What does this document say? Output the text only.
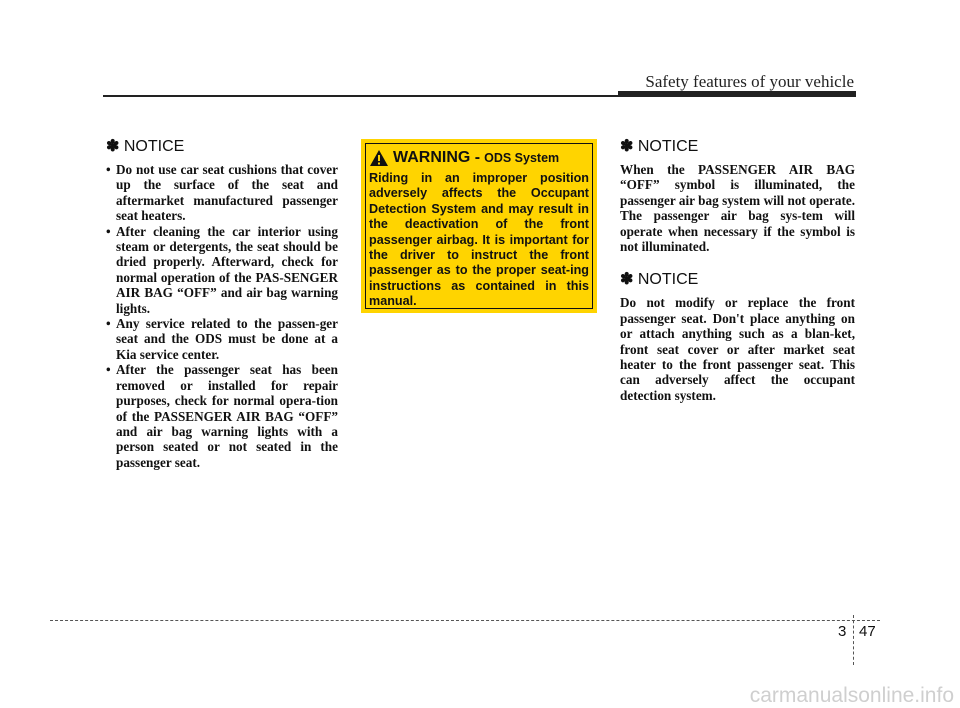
Safety features of your vehicle
✽ NOTICE
• Do not use car seat cushions that cover up the surface of the seat and aftermarket manufactured passenger seat heaters.
• After cleaning the car interior using steam or detergents, the seat should be dried properly. Afterward, check for normal operation of the PAS-SENGER AIR BAG “OFF” and air bag warning lights.
• Any service related to the passen-ger seat and the ODS must be done at a Kia service center.
• After the passenger seat has been removed or installed for repair purposes, check for normal opera-tion of the PASSENGER AIR BAG “OFF” and air bag warning lights with a person seated or not seated in the passenger seat.
WARNING - ODS System

Riding in an improper position adversely affects the Occupant Detection System and may result in the deactivation of the front passenger airbag. It is important for the driver to instruct the front passenger as to the proper seat-ing instructions as contained in this manual.

✽ NOTICE

When the PASSENGER AIR BAG “OFF” symbol is illuminated, the passenger air bag system will not operate. The passenger air bag sys-tem will operate when necessary if the symbol is not illuminated.

✽ NOTICE

Do not modify or replace the front passenger seat. Don't place anything on or attach anything such as a blan-ket, front seat cover or after market seat heater to the front passenger seat. This can adversely affect the occupant detection system.

3 47
carmanualsonline.info
